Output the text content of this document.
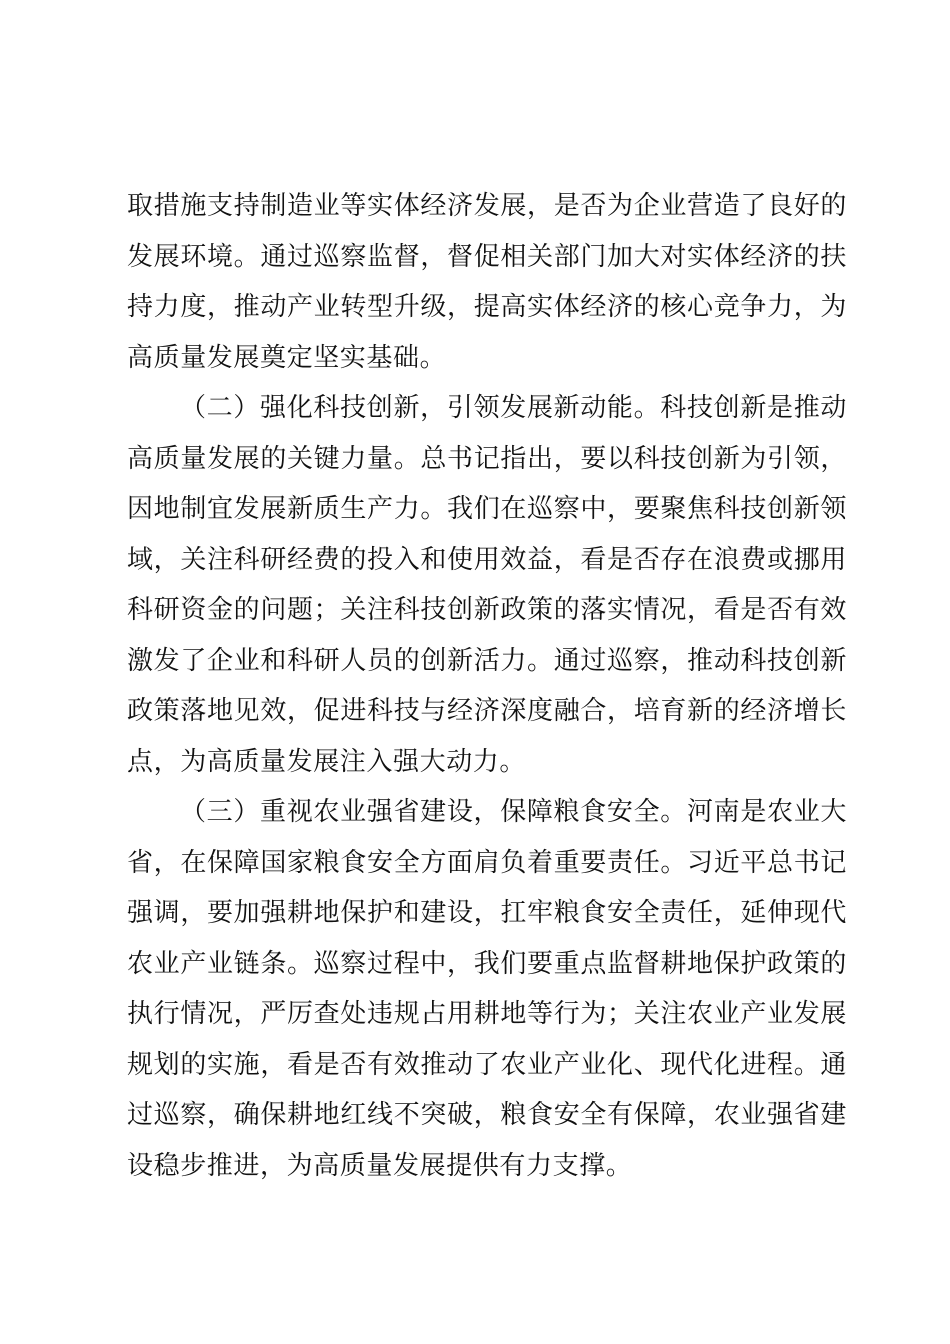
取措施支持制造业等实体经济发展，是否为企业营造了良好的发展环境。通过巡察监督，督促相关部门加大对实体经济的扶持力度，推动产业转型升级，提高实体经济的核心竞争力，为高质量发展奠定坚实基础。

（二）强化科技创新，引领发展新动能。科技创新是推动高质量发展的关键力量。总书记指出，要以科技创新为引领，因地制宜发展新质生产力。我们在巡察中，要聚焦科技创新领域，关注科研经费的投入和使用效益，看是否存在浪费或挪用科研资金的问题；关注科技创新政策的落实情况，看是否有效激发了企业和科研人员的创新活力。通过巡察，推动科技创新政策落地见效，促进科技与经济深度融合，培育新的经济增长点，为高质量发展注入强大动力。

（三）重视农业强省建设，保障粮食安全。河南是农业大省，在保障国家粮食安全方面肩负着重要责任。习近平总书记强调，要加强耕地保护和建设，扛牢粮食安全责任，延伸现代农业产业链条。巡察过程中，我们要重点监督耕地保护政策的执行情况，严厉查处违规占用耕地等行为；关注农业产业发展规划的实施，看是否有效推动了农业产业化、现代化进程。通过巡察，确保耕地红线不突破，粮食安全有保障，农业强省建设稳步推进，为高质量发展提供有力支撑。
